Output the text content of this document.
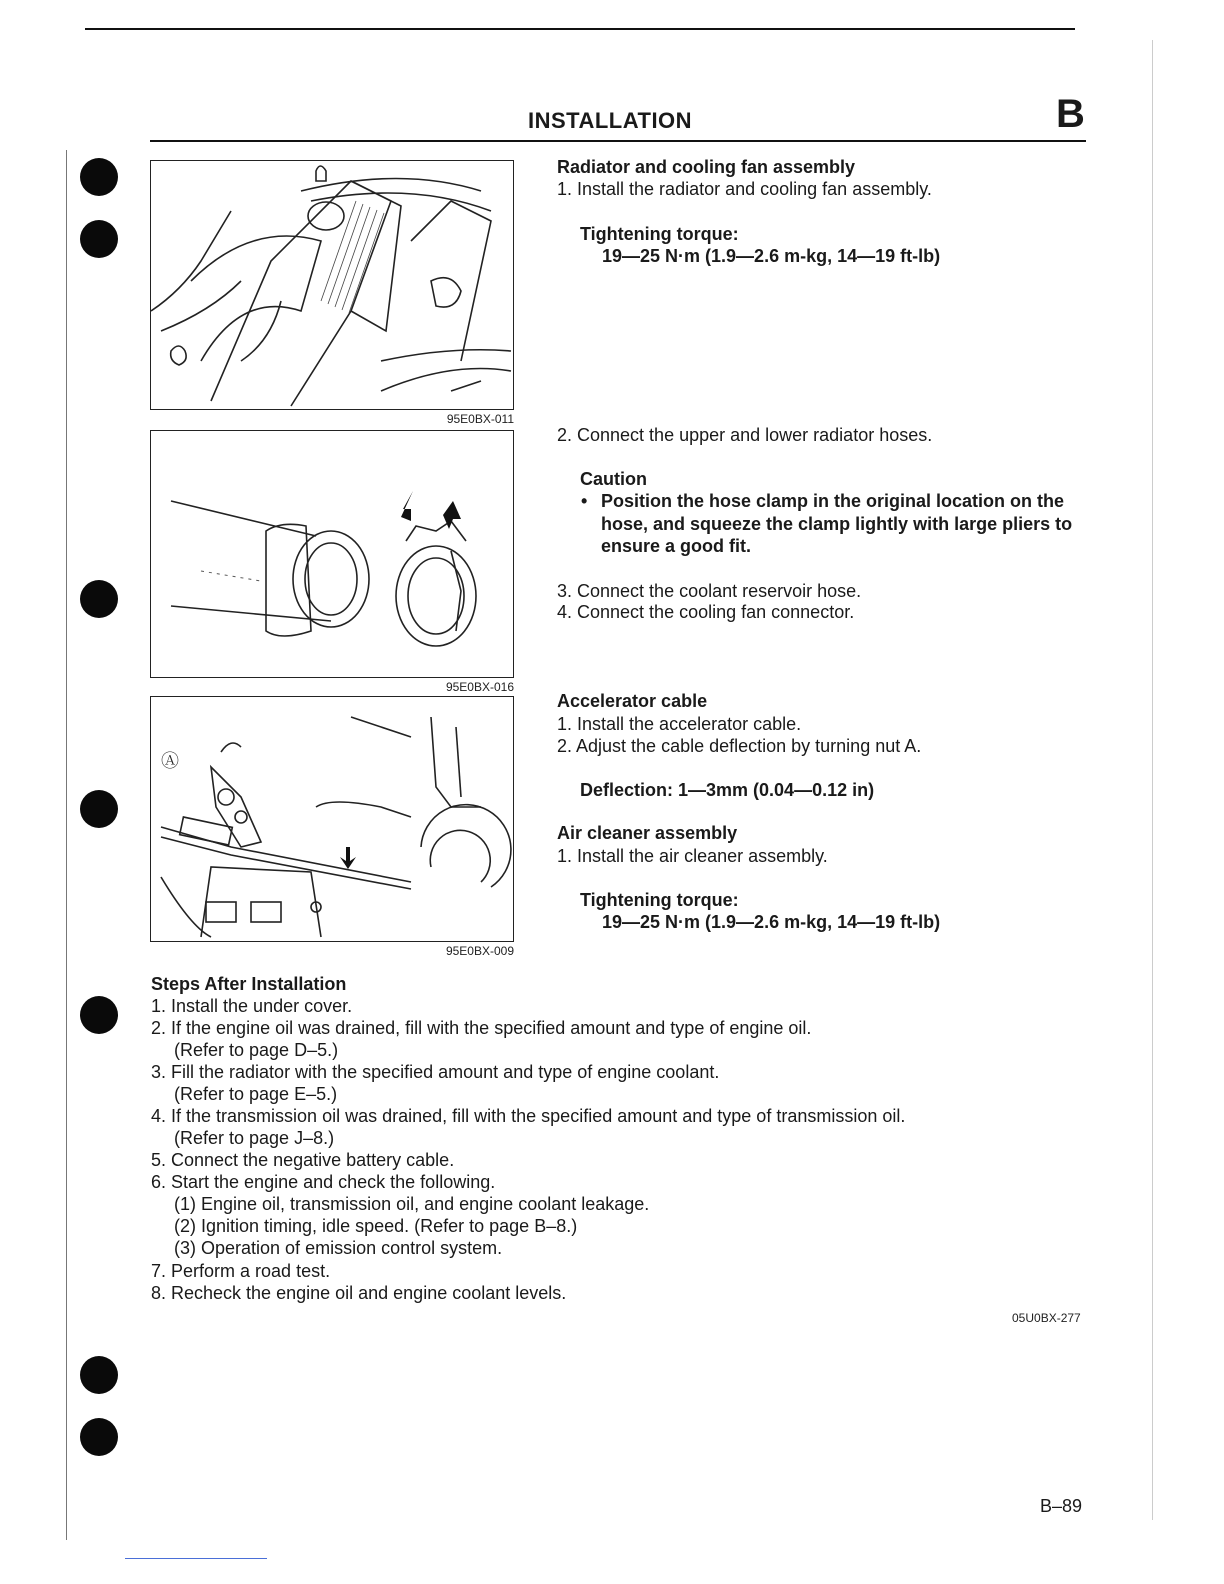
INSTALLATION	B
95E0BX-011
95E0BX-016
Ⓐ
95E0BX-009
Radiator and cooling fan assembly
1. Install the radiator and cooling fan assembly.
Tightening torque:
19—25 N·m (1.9—2.6 m-kg, 14—19 ft-lb)
2. Connect the upper and lower radiator hoses.
Caution
• Position the hose clamp in the original location on the hose, and squeeze the clamp lightly with large pliers to ensure a good fit.
3. Connect the coolant reservoir hose.
4. Connect the cooling fan connector.
Accelerator cable
1. Install the accelerator cable.
2. Adjust the cable deflection by turning nut A.
Deflection: 1—3mm (0.04—0.12 in)
Air cleaner assembly
1. Install the air cleaner assembly.
Tightening torque:
19—25 N·m (1.9—2.6 m-kg, 14—19 ft-lb)
Steps After Installation
1. Install the under cover.
2. If the engine oil was drained, fill with the specified amount and type of engine oil.
(Refer to page D–5.)
3. Fill the radiator with the specified amount and type of engine coolant.
(Refer to page E–5.)
4. If the transmission oil was drained, fill with the specified amount and type of transmission oil.
(Refer to page J–8.)
5. Connect the negative battery cable.
6. Start the engine and check the following.
(1) Engine oil, transmission oil, and engine coolant leakage.
(2) Ignition timing, idle speed. (Refer to page B–8.)
(3) Operation of emission control system.
7. Perform a road test.
8. Recheck the engine oil and engine coolant levels.
05U0BX-277
B–89
